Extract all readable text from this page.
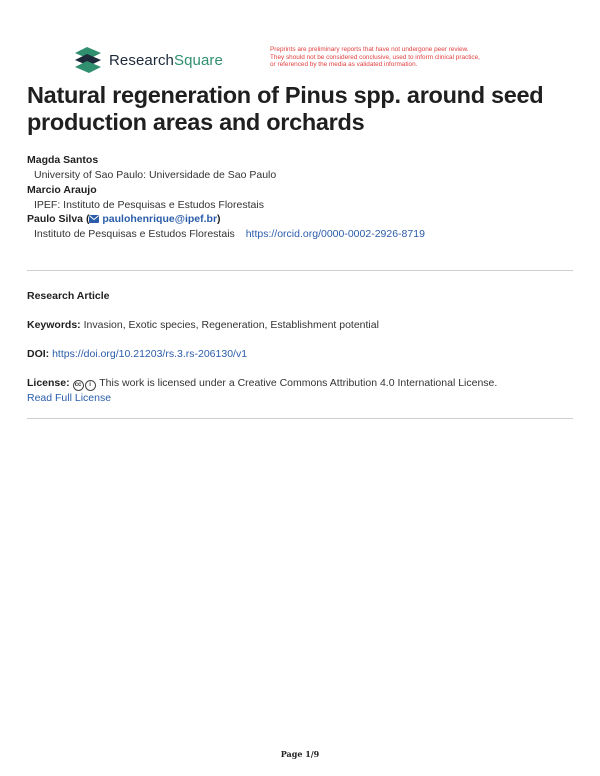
ResearchSquare
Preprints are preliminary reports that have not undergone peer review.
They should not be considered conclusive, used to inform clinical practice,
or referenced by the media as validated information.
Natural regeneration of Pinus spp. around seed production areas and orchards
Magda Santos
University of Sao Paulo: Universidade de Sao Paulo
Marcio Araujo
IPEF: Instituto de Pesquisas e Estudos Florestais
Paulo Silva ( paulohenrique@ipef.br)
Instituto de Pesquisas e Estudos Florestais https://orcid.org/0000-0002-2926-8719
Research Article
Keywords: Invasion, Exotic species, Regeneration, Establishment potential
DOI: https://doi.org/10.21203/rs.3.rs-206130/v1
License: cc i This work is licensed under a Creative Commons Attribution 4.0 International License.
Read Full License
Page 1/9
